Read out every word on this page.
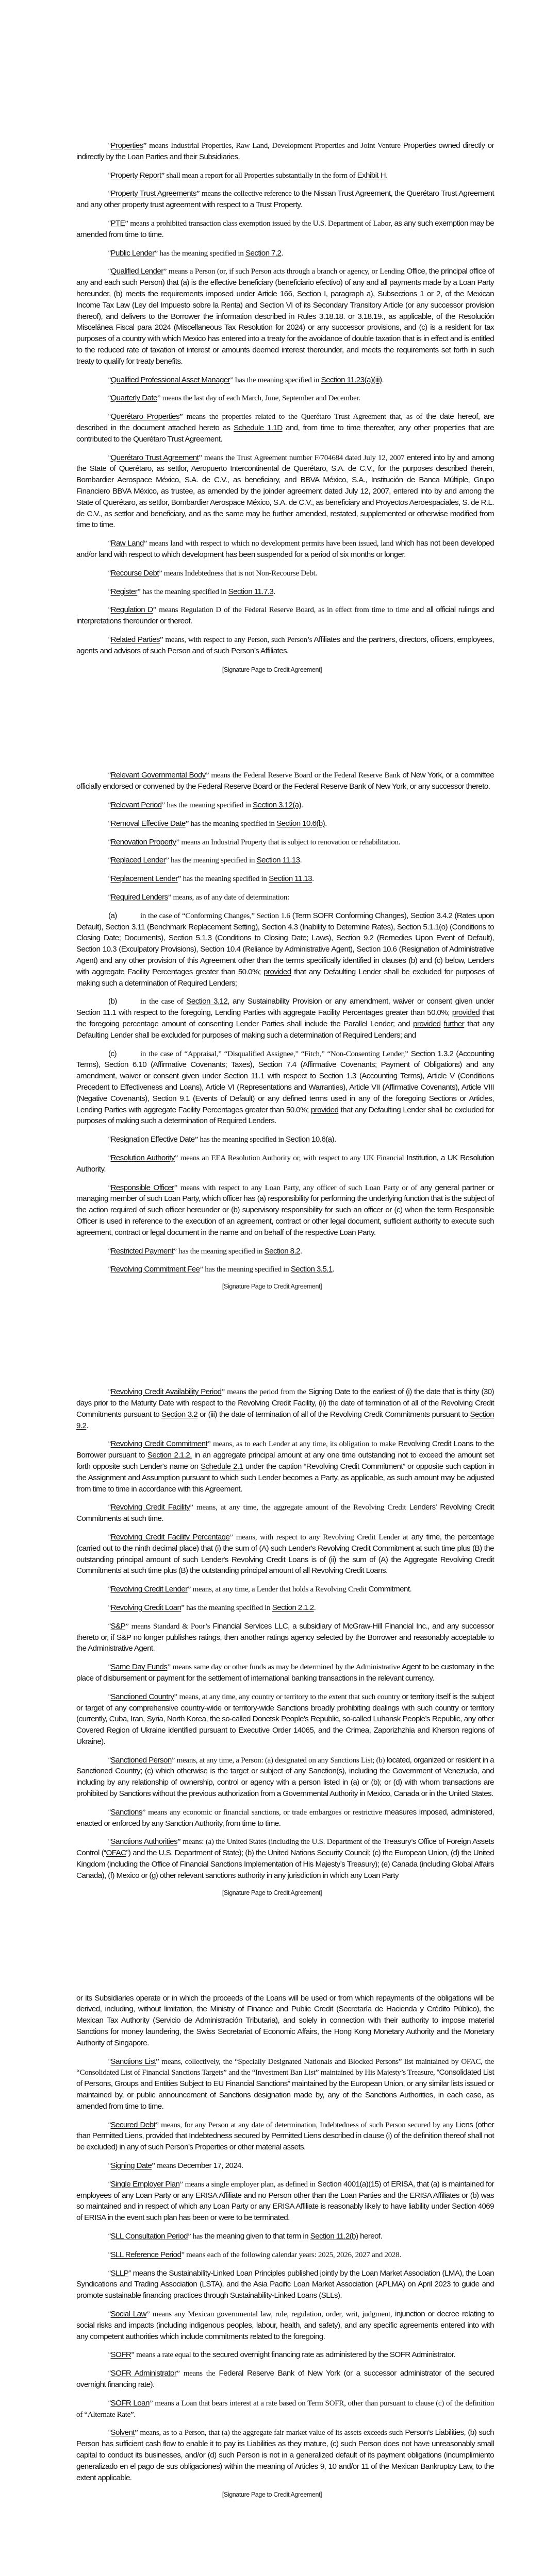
“Properties” means Industrial Properties, Raw Land, Development Properties and Joint Venture Properties owned directly or indirectly by the Loan Parties and their Subsidiaries.

“Property Report” shall mean a report for all Properties substantially in the form of Exhibit H.

“Property Trust Agreements” means the collective reference to the Nissan Trust Agreement, the Querétaro Trust Agreement and any other property trust agreement with respect to a Trust Property.

“PTE” means a prohibited transaction class exemption issued by the U.S. Department of Labor, as any such exemption may be amended from time to time.

“Public Lender” has the meaning specified in Section 7.2.

“Qualified Lender” means a Person (or, if such Person acts through a branch or agency, or Lending Office, the principal office of any and each such Person) that (a) is the effective beneficiary (beneficiario efectivo) of any and all payments made by a Loan Party hereunder, (b) meets the requirements imposed under Article 166, Section I, paragraph a), Subsections 1 or 2, of the Mexican Income Tax Law (Ley del Impuesto sobre la Renta) and Section VI of its Secondary Transitory Article (or any successor provision thereof), and delivers to the Borrower the information described in Rules 3.18.18. or 3.18.19., as applicable, of the Resolución Miscelánea Fiscal para 2024 (Miscellaneous Tax Resolution for 2024) or any successor provisions, and (c) is a resident for tax purposes of a country with which Mexico has entered into a treaty for the avoidance of double taxation that is in effect and is entitled to the reduced rate of taxation of interest or amounts deemed interest thereunder, and meets the requirements set forth in such treaty to qualify for treaty benefits.

“Qualified Professional Asset Manager” has the meaning specified in Section 11.23(a)(iii).

“Quarterly Date” means the last day of each March, June, September and December.

“Querétaro Properties” means the properties related to the Querétaro Trust Agreement that, as of the date hereof, are described in the document attached hereto as Schedule 1.1D and, from time to time thereafter, any other properties that are contributed to the Querétaro Trust Agreement.

“Querétaro Trust Agreement” means the Trust Agreement number F/704684 dated July 12, 2007 entered into by and among the State of Querétaro, as settlor, Aeropuerto Intercontinental de Querétaro, S.A. de C.V., for the purposes described therein, Bombardier Aerospace México, S.A. de C.V., as beneficiary, and BBVA México, S.A., Institución de Banca Múltiple, Grupo Financiero BBVA México, as trustee, as amended by the joinder agreement dated July 12, 2007, entered into by and among the State of Querétaro, as settlor, Bombardier Aerospace México, S.A. de C.V., as beneficiary and Proyectos Aeroespaciales, S. de R.L. de C.V., as settlor and beneficiary, and as the same may be further amended, restated, supplemented or otherwise modified from time to time.

“Raw Land” means land with respect to which no development permits have been issued, land which has not been developed and/or land with respect to which development has been suspended for a period of six months or longer.

“Recourse Debt” means Indebtedness that is not Non-Recourse Debt.

“Register” has the meaning specified in Section 11.7.3.

“Regulation D” means Regulation D of the Federal Reserve Board, as in effect from time to time and all official rulings and interpretations thereunder or thereof.

“Related Parties” means, with respect to any Person, such Person’s Affiliates and the partners, directors, officers, employees, agents and advisors of such Person and of such Person’s Affiliates.

[Signature Page to Credit Agreement]

“Relevant Governmental Body” means the Federal Reserve Board or the Federal Reserve Bank of New York, or a committee officially endorsed or convened by the Federal Reserve Board or the Federal Reserve Bank of New York, or any successor thereto.

“Relevant Period” has the meaning specified in Section 3.12(a).

“Removal Effective Date” has the meaning specified in Section 10.6(b).

“Renovation Property” means an Industrial Property that is subject to renovation or rehabilitation.

“Replaced Lender” has the meaning specified in Section 11.13.

“Replacement Lender” has the meaning specified in Section 11.13.

“Required Lenders” means, as of any date of determination:

(a)	in the case of “Conforming Changes,” Section 1.6 (Term SOFR Conforming Changes), Section 3.4.2 (Rates upon Default), Section 3.11 (Benchmark Replacement Setting), Section 4.3 (Inability to Determine Rates), Section 5.1.1(o) (Conditions to Closing Date; Documents), Section 5.1.3 (Conditions to Closing Date; Laws), Section 9.2 (Remedies Upon Event of Default), Section 10.3 (Exculpatory Provisions), Section 10.4 (Reliance by Administrative Agent), Section 10.6 (Resignation of Administrative Agent) and any other provision of this Agreement other than the terms specifically identified in clauses (b) and (c) below, Lenders with aggregate Facility Percentages greater than 50.0%; provided that any Defaulting Lender shall be excluded for purposes of making such a determination of Required Lenders;

(b)	in the case of Section 3.12, any Sustainability Provision or any amendment, waiver or consent given under Section 11.1 with respect to the foregoing, Lending Parties with aggregate Facility Percentages greater than 50.0%; provided that the foregoing percentage amount of consenting Lender Parties shall include the Parallel Lender; and provided further that any Defaulting Lender shall be excluded for purposes of making such a determination of Required Lenders; and

(c)	in the case of “Appraisal,” “Disqualified Assignee,” “Fitch,” “Non-Consenting Lender,” Section 1.3.2 (Accounting Terms), Section 6.10 (Affirmative Covenants; Taxes), Section 7.4 (Affirmative Covenants; Payment of Obligations) and any amendment, waiver or consent given under Section 11.1 with respect to Section 1.3 (Accounting Terms), Article V (Conditions Precedent to Effectiveness and Loans), Article VI (Representations and Warranties), Article VII (Affirmative Covenants), Article VIII (Negative Covenants), Section 9.1 (Events of Default) or any defined terms used in any of the foregoing Sections or Articles, Lending Parties with aggregate Facility Percentages greater than 50.0%; provided that any Defaulting Lender shall be excluded for purposes of making such a determination of Required Lenders.

“Resignation Effective Date” has the meaning specified in Section 10.6(a).

“Resolution Authority” means an EEA Resolution Authority or, with respect to any UK Financial Institution, a UK Resolution Authority.

“Responsible Officer” means with respect to any Loan Party, any officer of such Loan Party or of any general partner or managing member of such Loan Party, which officer has (a) responsibility for performing the underlying function that is the subject of the action required of such officer hereunder or (b) supervisory responsibility for such an officer or (c) when the term Responsible Officer is used in reference to the execution of an agreement, contract or other legal document, sufficient authority to execute such agreement, contract or legal document in the name and on behalf of the respective Loan Party.

“Restricted Payment” has the meaning specified in Section 8.2.

“Revolving Commitment Fee” has the meaning specified in Section 3.5.1.

[Signature Page to Credit Agreement]

“Revolving Credit Availability Period” means the period from the Signing Date to the earliest of (i) the date that is thirty (30) days prior to the Maturity Date with respect to the Revolving Credit Facility, (ii) the date of termination of all of the Revolving Credit Commitments pursuant to Section 3.2 or (iii) the date of termination of all of the Revolving Credit Commitments pursuant to Section 9.2.

“Revolving Credit Commitment” means, as to each Lender at any time, its obligation to make Revolving Credit Loans to the Borrower pursuant to Section 2.1.2, in an aggregate principal amount at any one time outstanding not to exceed the amount set forth opposite such Lender's name on Schedule 2.1 under the caption “Revolving Credit Commitment” or opposite such caption in the Assignment and Assumption pursuant to which such Lender becomes a Party, as applicable, as such amount may be adjusted from time to time in accordance with this Agreement.

“Revolving Credit Facility” means, at any time, the aggregate amount of the Revolving Credit Lenders' Revolving Credit Commitments at such time.

“Revolving Credit Facility Percentage” means, with respect to any Revolving Credit Lender at any time, the percentage (carried out to the ninth decimal place) that (i) the sum of (A) such Lender's Revolving Credit Commitment at such time plus (B) the outstanding principal amount of such Lender's Revolving Credit Loans is of (ii) the sum of (A) the Aggregate Revolving Credit Commitments at such time plus (B) the outstanding principal amount of all Revolving Credit Loans.

“Revolving Credit Lender” means, at any time, a Lender that holds a Revolving Credit Commitment.

“Revolving Credit Loan” has the meaning specified in Section 2.1.2.

“S&P” means Standard & Poor’s Financial Services LLC, a subsidiary of McGraw-Hill Financial Inc., and any successor thereto or, if S&P no longer publishes ratings, then another ratings agency selected by the Borrower and reasonably acceptable to the Administrative Agent.

“Same Day Funds” means same day or other funds as may be determined by the Administrative Agent to be customary in the place of disbursement or payment for the settlement of international banking transactions in the relevant currency.

“Sanctioned Country” means, at any time, any country or territory to the extent that such country or territory itself is the subject or target of any comprehensive country-wide or territory-wide Sanctions broadly prohibiting dealings with such country or territory (currently, Cuba, Iran, Syria, North Korea, the so-called Donetsk People’s Republic, so-called Luhansk People’s Republic, any other Covered Region of Ukraine identified pursuant to Executive Order 14065, and the Crimea, Zaporizhzhia and Kherson regions of Ukraine).

“Sanctioned Person” means, at any time, a Person: (a) designated on any Sanctions List; (b) located, organized or resident in a Sanctioned Country; (c) which otherwise is the target or subject of any Sanction(s), including the Government of Venezuela, and including by any relationship of ownership, control or agency with a person listed in (a) or (b); or (d) with whom transactions are prohibited by Sanctions without the previous authorization from a Governmental Authority in Mexico, Canada or in the United States.

“Sanctions” means any economic or financial sanctions, or trade embargoes or restrictive measures imposed, administered, enacted or enforced by any Sanction Authority, from time to time.

“Sanctions Authorities” means: (a) the United States (including the U.S. Department of the Treasury’s Office of Foreign Assets Control (“OFAC”) and the U.S. Department of State); (b) the United Nations Security Council; (c) the European Union, (d) the United Kingdom (including the Office of Financial Sanctions Implementation of His Majesty’s Treasury); (e) Canada (including Global Affairs Canada), (f) Mexico or (g) other relevant sanctions authority in any jurisdiction in which any Loan Party

[Signature Page to Credit Agreement]

or its Subsidiaries operate or in which the proceeds of the Loans will be used or from which repayments of the obligations will be derived, including, without limitation, the Ministry of Finance and Public Credit (Secretaría de Hacienda y Crédito Público), the Mexican Tax Authority (Servicio de Administración Tributaria), and solely in connection with their authority to impose material Sanctions for money laundering, the Swiss Secretariat of Economic Affairs, the Hong Kong Monetary Authority and the Monetary Authority of Singapore.

“Sanctions List” means, collectively, the “Specially Designated Nationals and Blocked Persons” list maintained by OFAC, the “Consolidated List of Financial Sanctions Targets” and the “Investment Ban List” maintained by His Majesty’s Treasure, “Consolidated List of Persons, Groups and Entities Subject to EU Financial Sanctions” maintained by the European Union, or any similar lists issued or maintained by, or public announcement of Sanctions designation made by, any of the Sanctions Authorities, in each case, as amended from time to time.

“Secured Debt” means, for any Person at any date of determination, Indebtedness of such Person secured by any Liens (other than Permitted Liens, provided that Indebtedness secured by Permitted Liens described in clause (i) of the definition thereof shall not be excluded) in any of such Person’s Properties or other material assets.

“Signing Date” means December 17, 2024.

“Single Employer Plan” means a single employer plan, as defined in Section 4001(a)(15) of ERISA, that (a) is maintained for employees of any Loan Party or any ERISA Affiliate and no Person other than the Loan Parties and the ERISA Affiliates or (b) was so maintained and in respect of which any Loan Party or any ERISA Affiliate is reasonably likely to have liability under Section 4069 of ERISA in the event such plan has been or were to be terminated.

“SLL Consultation Period” has the meaning given to that term in Section 11.2(b) hereof.

“SLL Reference Period” means each of the following calendar years: 2025, 2026, 2027 and 2028.

“SLLP” means the Sustainability-Linked Loan Principles published jointly by the Loan Market Association (LMA), the Loan Syndications and Trading Association (LSTA), and the Asia Pacific Loan Market Association (APLMA) on April 2023 to guide and promote sustainable financing practices through Sustainability-Linked Loans (SLLs).

“Social Law” means any Mexican governmental law, rule, regulation, order, writ, judgment, injunction or decree relating to social risks and impacts (including indigenous peoples, labour, health, and safety), and any specific agreements entered into with any competent authorities which include commitments related to the foregoing.

“SOFR” means a rate equal to the secured overnight financing rate as administered by the SOFR Administrator.

“SOFR Administrator” means the Federal Reserve Bank of New York (or a successor administrator of the secured overnight financing rate).

“SOFR Loan” means a Loan that bears interest at a rate based on Term SOFR, other than pursuant to clause (c) of the definition of “Alternate Rate”.

“Solvent” means, as to a Person, that (a) the aggregate fair market value of its assets exceeds such Person’s Liabilities, (b) such Person has sufficient cash flow to enable it to pay its Liabilities as they mature, (c) such Person does not have unreasonably small capital to conduct its businesses, and/or (d) such Person is not in a generalized default of its payment obligations (incumplimiento generalizado en el pago de sus obligaciones) within the meaning of Articles 9, 10 and/or 11 of the Mexican Bankruptcy Law, to the extent applicable.

[Signature Page to Credit Agreement]
